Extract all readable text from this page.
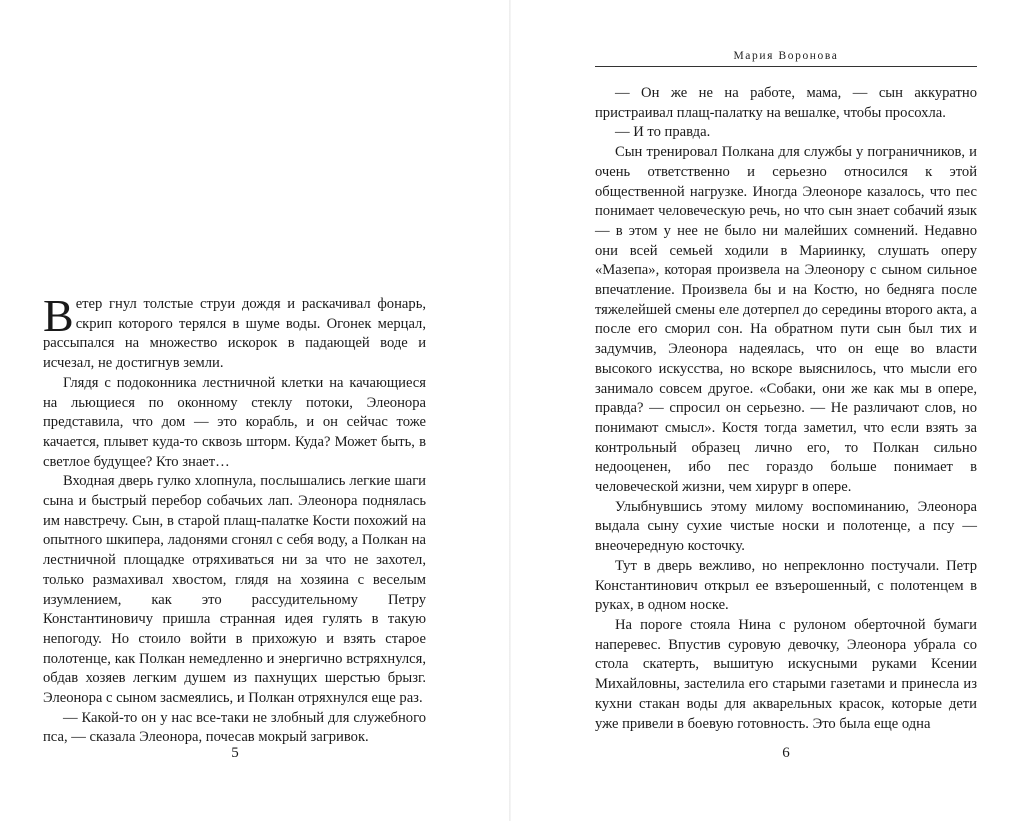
Ветер гнул толстые струи дождя и раскачивал фонарь, скрип которого терялся в шуме воды. Огонек мерцал, рассыпался на множество искорок в падающей воде и исчезал, не достигнув земли.

Глядя с подоконника лестничной клетки на качающиеся на льющиеся по оконному стеклу потоки, Элеонора представила, что дом — это корабль, и он сейчас тоже качается, плывет куда-то сквозь шторм. Куда? Может быть, в светлое будущее? Кто знает…

Входная дверь гулко хлопнула, послышались легкие шаги сына и быстрый перебор собачьих лап. Элеонора поднялась им навстречу. Сын, в старой плащ-палатке Кости похожий на опытного шкипера, ладонями сгонял с себя воду, а Полкан на лестничной площадке отряхиваться ни за что не захотел, только размахивал хвостом, глядя на хозяина с веселым изумлением, как это рассудительному Петру Константиновичу пришла странная идея гулять в такую непогоду. Но стоило войти в прихожую и взять старое полотенце, как Полкан немедленно и энергично встряхнулся, обдав хозяев легким душем из пахнущих шерстью брызг. Элеонора с сыном засмеялись, и Полкан отряхнулся еще раз.

— Какой-то он у нас все-таки не злобный для служебного пса, — сказала Элеонора, почесав мокрый загривок.

5
Мария Воронова

— Он же не на работе, мама, — сын аккуратно пристраивал плащ-палатку на вешалке, чтобы просохла.

— И то правда.

Сын тренировал Полкана для службы у пограничников, и очень ответственно и серьезно относился к этой общественной нагрузке. Иногда Элеоноре казалось, что пес понимает человеческую речь, но что сын знает собачий язык — в этом у нее не было ни малейших сомнений. Недавно они всей семьей ходили в Мариинку, слушать оперу «Мазепа», которая произвела на Элеонору с сыном сильное впечатление. Произвела бы и на Костю, но бедняга после тяжелейшей смены еле дотерпел до середины второго акта, а после его сморил сон. На обратном пути сын был тих и задумчив, Элеонора надеялась, что он еще во власти высокого искусства, но вскоре выяснилось, что мысли его занимало совсем другое. «Собаки, они же как мы в опере, правда? — спросил он серьезно. — Не различают слов, но понимают смысл». Костя тогда заметил, что если взять за контрольный образец лично его, то Полкан сильно недооценен, ибо пес гораздо больше понимает в человеческой жизни, чем хирург в опере.

Улыбнувшись этому милому воспоминанию, Элеонора выдала сыну сухие чистые носки и полотенце, а псу — внеочередную косточку.

Тут в дверь вежливо, но непреклонно постучали. Петр Константинович открыл ее взъерошенный, с полотенцем в руках, в одном носке.

На пороге стояла Нина с рулоном оберточной бумаги наперевес. Впустив суровую девочку, Элеонора убрала со стола скатерть, вышитую искусными руками Ксении Михайловны, застелила его старыми газетами и принесла из кухни стакан воды для акварельных красок, которые дети уже привели в боевую готовность. Это была еще одна

6
